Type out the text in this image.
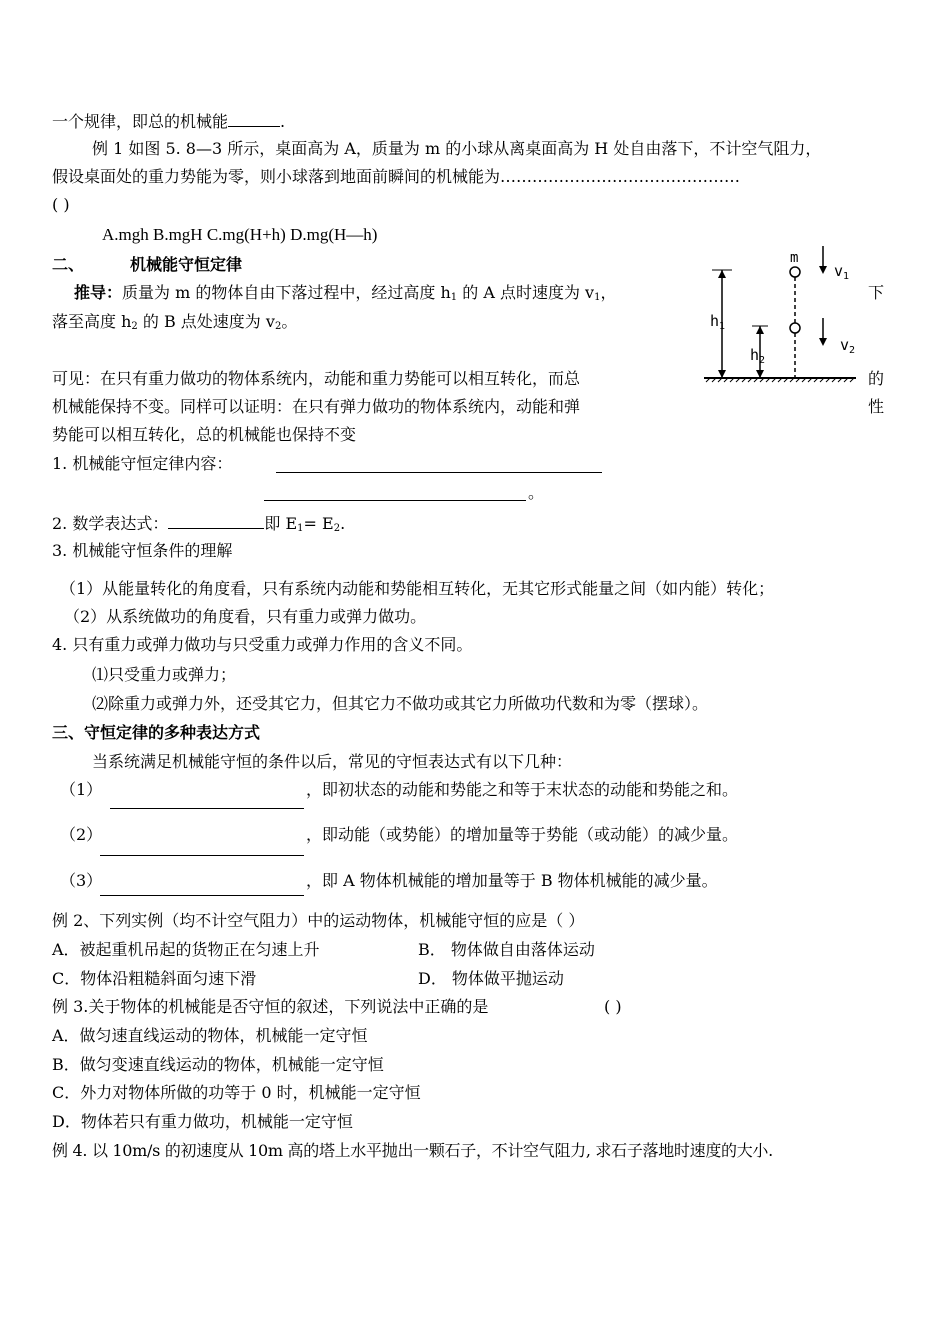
一个规律，即总的机械能	.
例 1 如图 5. 8—3 所示，桌面高为 A，质量为 m 的小球从离桌面高为 H 处自由落下，不计空气阻力，
假设桌面处的重力势能为零，则小球落到地面前瞬间的机械能为………………………………………
( )
A.mgh B.mgH C.mg(H+h) D.mg(H—h)
二、	机械能守恒定律
推导：质量为 m 的物体自由下落过程中，经过高度 $h_1$ 的 A 点时速度为 $v_1$，	下
落至高度 $h_2$ 的 B 点处速度为 $v_2$。	$h_1$
$h_2$
m
$v_1$
$v_2$
可见：在只有重力做功的物体系统内，动能和重力势能可以相互转化，而总	的
机械能保持不变。同样可以证明：在只有弹力做功的物体系统内，动能和弹	性
势能可以相互转化，总的机械能也保持不变
1. 机械能守恒定律内容：
。
2. 数学表达式：	即 $E_1= E_2$.
3. 机械能守恒条件的理解
（1）从能量转化的角度看，只有系统内动能和势能相互转化，无其它形式能量之间（如内能）转化；
（2）从系统做功的角度看，只有重力或弹力做功。
4. 只有重力或弹力做功与只受重力或弹力作用的含义不同。
⑴只受重力或弹力；
⑵除重力或弹力外，还受其它力，但其它力不做功或其它力所做功代数和为零（摆球）。
三、守恒定律的多种表达方式
当系统满足机械能守恒的条件以后，常见的守恒表达式有以下几种：
（1）	，即初状态的动能和势能之和等于末状态的动能和势能之和。
（2）	，即动能（或势能）的增加量等于势能（或动能）的减少量。
（3）	，即 A 物体机械能的增加量等于 B 物体机械能的减少量。
例 2、下列实例（均不计空气阻力）中的运动物体，机械能守恒的应是（ ）
A．被起重机吊起的货物正在匀速上升	B． 物体做自由落体运动
C．物体沿粗糙斜面匀速下滑	D． 物体做平抛运动
例 3.关于物体的机械能是否守恒的叙述，下列说法中正确的是	( )
A．做匀速直线运动的物体，机械能一定守恒
B．做匀变速直线运动的物体，机械能一定守恒
C．外力对物体所做的功等于 0 时，机械能一定守恒
D．物体若只有重力做功，机械能一定守恒
例 4. 以 10m/s 的初速度从 10m 高的塔上水平抛出一颗石子，不计空气阻力, 求石子落地时速度的大小.
